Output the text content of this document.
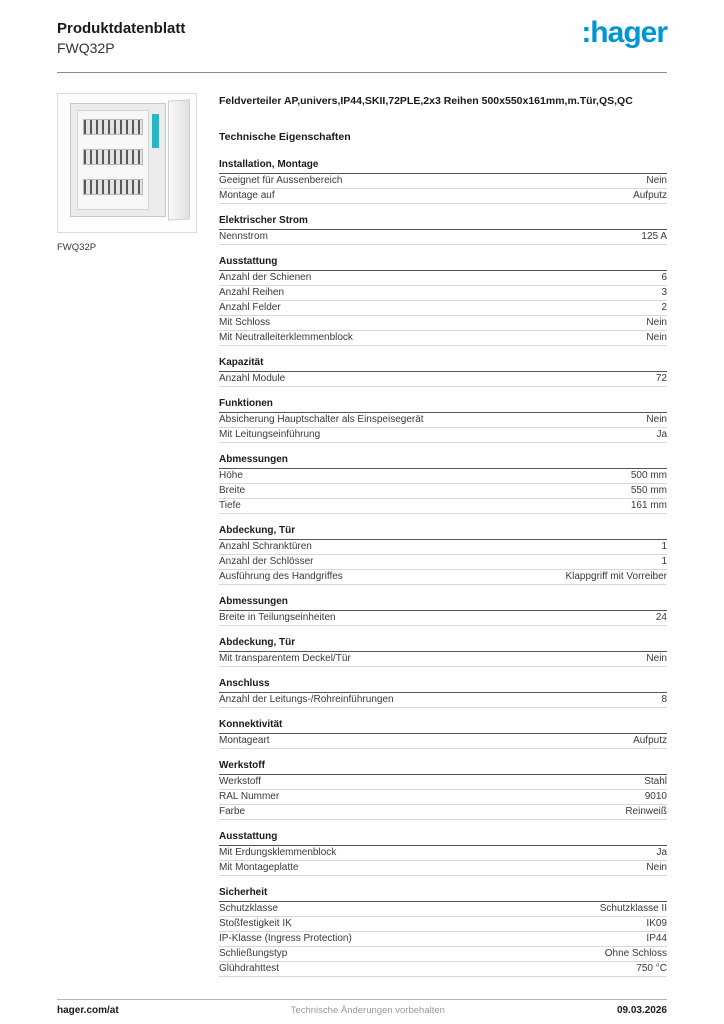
Produktdatenblatt
FWQ32P	:hager
FWQ32P
Feldverteiler AP,univers,IP44,SKII,72PLE,2x3 Reihen 500x550x161mm,m.Tür,QS,QC
Technische Eigenschaften
Installation, Montage
Geeignet für Aussenbereich	Nein
Montage auf	Aufputz
Elektrischer Strom
Nennstrom	125 A
Ausstattung
Anzahl der Schienen	6
Anzahl Reihen	3
Anzahl Felder	2
Mit Schloss	Nein
Mit Neutralleiterklemmenblock	Nein
Kapazität
Anzahl Module	72
Funktionen
Absicherung Hauptschalter als Einspeisegerät	Nein
Mit Leitungseinführung	Ja
Abmessungen
Höhe	500 mm
Breite	550 mm
Tiefe	161 mm
Abdeckung, Tür
Anzahl Schranktüren	1
Anzahl der Schlösser	1
Ausführung des Handgriffes	Klappgriff mit Vorreiber
Abmessungen
Breite in Teilungseinheiten	24
Abdeckung, Tür
Mit transparentem Deckel/Tür	Nein
Anschluss
Anzahl der Leitungs-/Rohreinführungen	8
Konnektivität
Montageart	Aufputz
Werkstoff
Werkstoff	Stahl
RAL Nummer	9010
Farbe	Reinweiß
Ausstattung
Mit Erdungsklemmenblock	Ja
Mit Montageplatte	Nein
Sicherheit
Schutzklasse	Schutzklasse II
Stoßfestigkeit IK	IK09
IP-Klasse (Ingress Protection)	IP44
Schließungstyp	Ohne Schloss
Glühdrahttest	750 °C
hager.com/at	Technische Änderungen vorbehalten	09.03.2026
